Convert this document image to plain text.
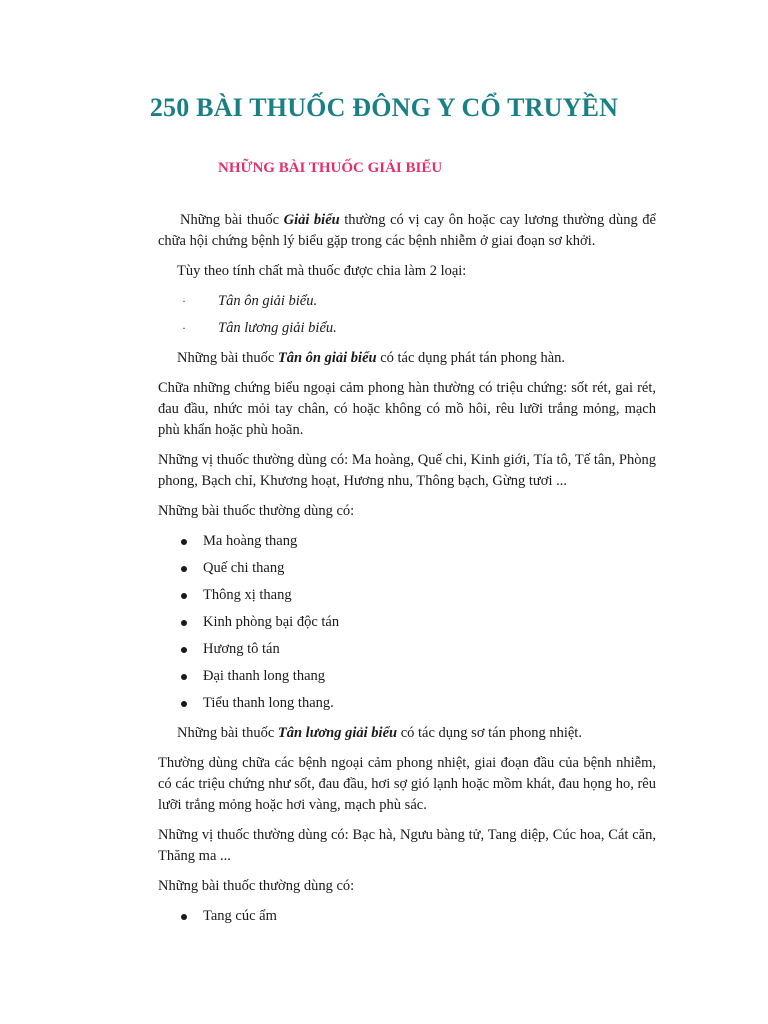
250 BÀI THUỐC ĐÔNG Y CỔ TRUYỀN
NHỮNG BÀI THUỐC GIẢI BIỂU

Những bài thuốc Giải biểu thường có vị cay ôn hoặc cay lương thường dùng để chữa hội chứng bệnh lý biểu gặp trong các bệnh nhiễm ở giai đoạn sơ khởi.

Tùy theo tính chất mà thuốc được chia làm 2 loại:

·	Tân ôn giải biểu.
·	Tân lương giải biểu.

Những bài thuốc Tân ôn giải biểu có tác dụng phát tán phong hàn.

Chữa những chứng biểu ngoại cảm phong hàn thường có triệu chứng: sốt rét, gai rét, đau đầu, nhức mỏi tay chân, có hoặc không có mồ hôi, rêu lưỡi trắng mỏng, mạch phù khẩn hoặc phù hoãn.

Những vị thuốc thường dùng có: Ma hoàng, Quế chi, Kinh giới, Tía tô, Tế tân, Phòng phong, Bạch chỉ, Khương hoạt, Hương nhu, Thông bạch, Gừng tươi ...

Những bài thuốc thường dùng có:

Ma hoàng thang
Quế chi thang
Thông xị thang
Kinh phòng bại độc tán
Hương tô tán
Đại thanh long thang
Tiểu thanh long thang.

Những bài thuốc Tân lương giải biểu có tác dụng sơ tán phong nhiệt.

Thường dùng chữa các bệnh ngoại cảm phong nhiệt, giai đoạn đầu của bệnh nhiễm, có các triệu chứng như sốt, đau đầu, hơi sợ gió lạnh hoặc mồm khát, đau họng ho, rêu lưỡi trắng mỏng hoặc hơi vàng, mạch phù sác.

Những vị thuốc thường dùng có: Bạc hà, Ngưu bàng tử, Tang diệp, Cúc hoa, Cát căn, Thăng ma ...

Những bài thuốc thường dùng có:

Tang cúc ẩm
